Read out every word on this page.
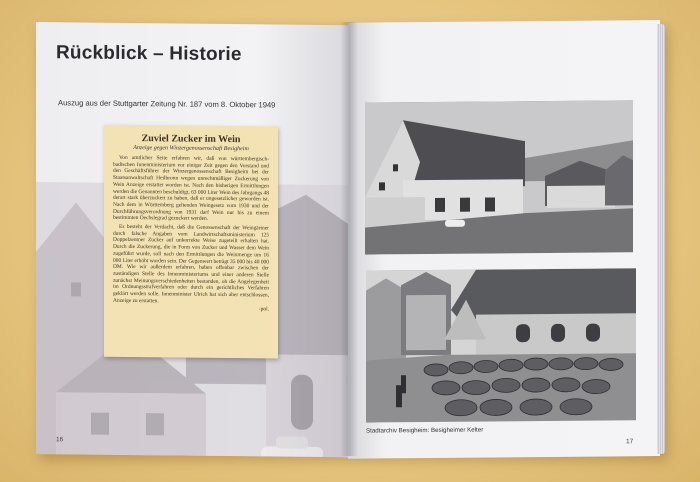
Rückblick – Historie
Auszug aus der Stuttgarter Zeitung Nr. 187 vom 8. Oktober 1949
Zuviel Zucker im Wein
Anzeige gegen Winzergenossenschaft Besigheim

Von amtlicher Seite erfahren wir, daß von württembergisch-badischen Innenministerium vor einiger Zeit gegen den Vorstand und den Geschäftsführer der Winzergenossenschaft Besigheim bei der Staatsanwaltschaft Heilbronn wegen unrechtmäßiger Zuckerung von Wein Anzeige erstattet worden ist. Nach den bisherigen Ermittlungen werden die Genannten beschuldigt, 63 000 Liter Wein des Jahrgangs 48 derart stark überzuckert zu haben, daß er ungesetzlicher geworden ist. Nach dem in Württemberg geltenden Weingesetz vom 1930 und der Durchführungsverordnung von 1931 darf Wein nur bis zu einem bestimmten Oechslegrad gezuckert werden.

Es besteht der Verdacht, daß die Genossenschaft der Weingärtner durch falsche Angaben vom Landwirtschaftsministerium 125 Doppelzentner Zucker auf unkorrekte Weise zugeteilt erhalten hat. Durch die Zuckerung, die in Form von Zucker und Wasser dem Wein zugeführt wurde, soll nach den Ermittlungen die Weinmenge um 16 000 Liter erhöht worden sein. Der Gegenwert beträgt 35 000 bis 40 000 DM. Wie wir außerdem erfahren, haben offenbar zwischen der zuständigen Stelle des Innenministeriums und einer anderen Stelle zunächst Meinungsverschiedenheiten bestanden, ob die Angelegenheit im Ordnungsstrafverfahren oder durch ein gerichtliches Verfahren geklärt werden solle. Innenminister Ulrich hat sich aber entschlossen, Anzeige zu erstatten.

-pol.
16
Stadtarchiv Besigheim: Besigheimer Kelter
17
